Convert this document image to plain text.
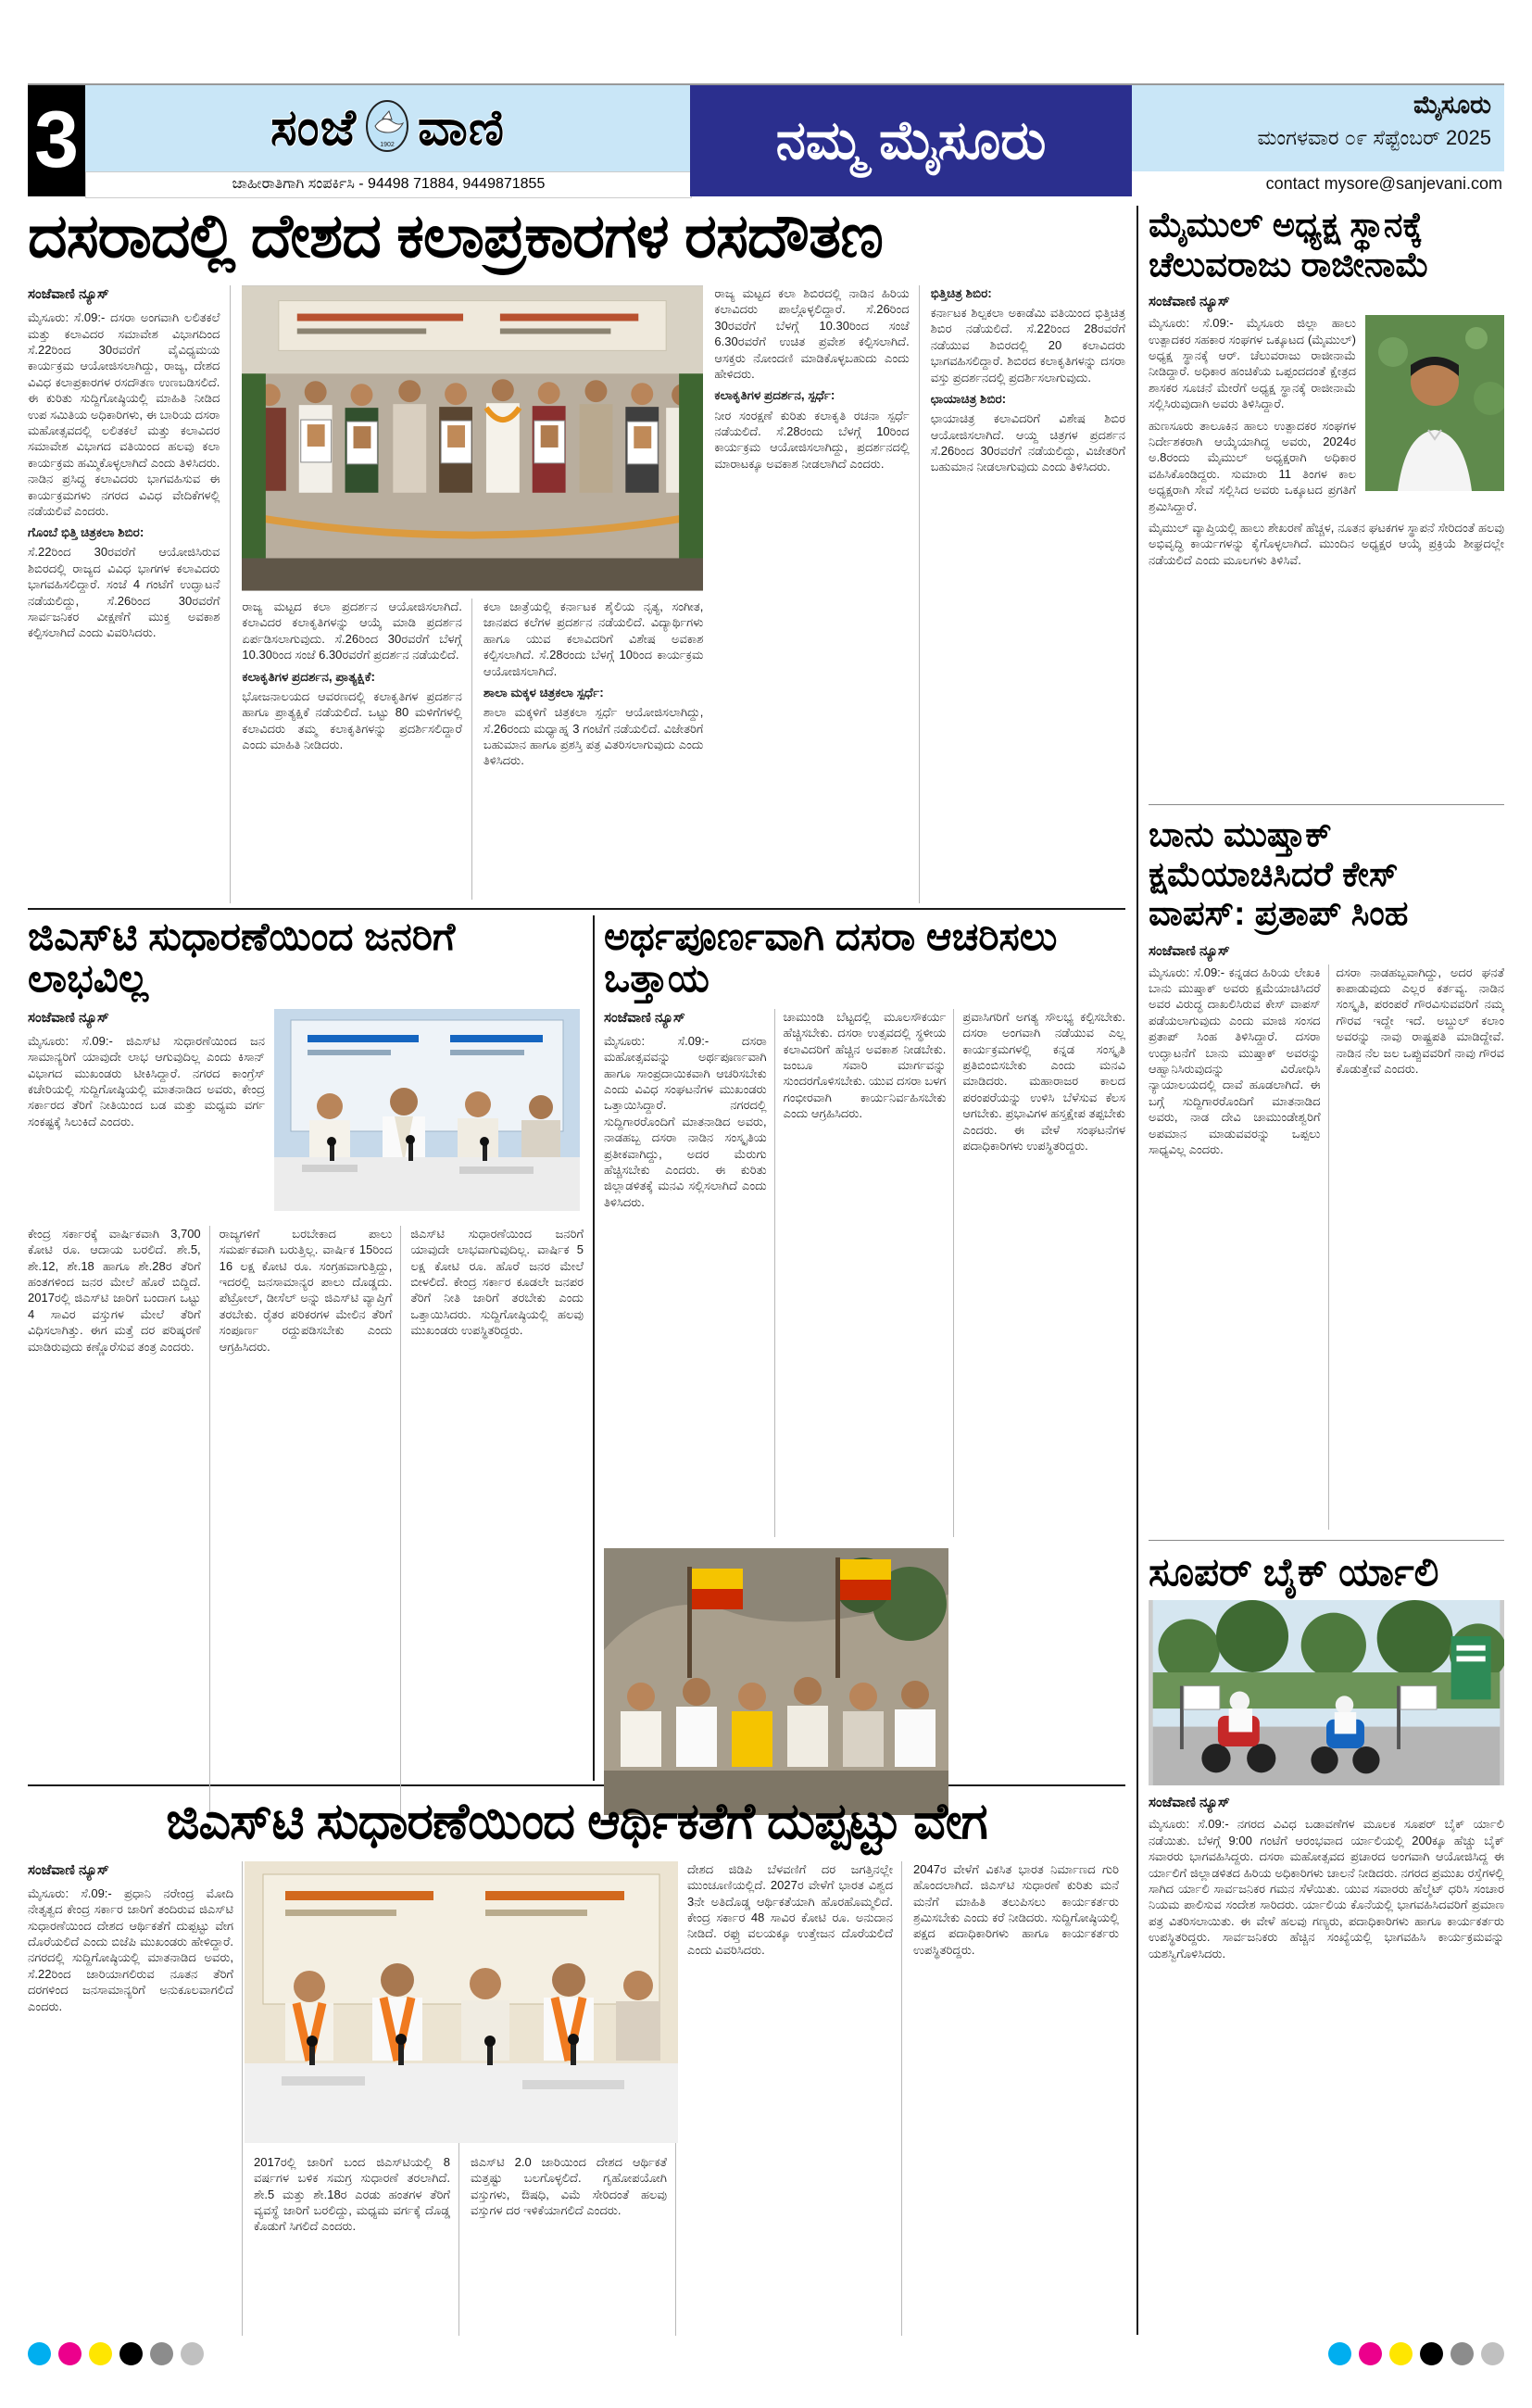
3	ಸಂಜೆ	1902 ವಾಣಿ
ಜಾಹೀರಾತಿಗಾಗಿ ಸಂಪರ್ಕಿಸಿ - 94498 71884, 9449871855
ನಮ್ಮ ಮೈಸೂರು
ಮೈಸೂರು
ಮಂಗಳವಾರ ೦೯ ಸೆಪ್ಟೆಂಬರ್ 2025
contact mysore@sanjevani.com
ದಸರಾದಲ್ಲಿ ದೇಶದ ಕಲಾಪ್ರಕಾರಗಳ ರಸದೌತಣ
ಸಂಜೆವಾಣಿ ನ್ಯೂಸ್

ಮೈಸೂರು: ಸೆ.09:- ದಸರಾ ಅಂಗವಾಗಿ ಲಲಿತಕಲೆ ಮತ್ತು ಕಲಾವಿದರ ಸಮಾವೇಶ ವಿಭಾಗದಿಂದ ಸೆ.22ರಿಂದ 30ರವರೆಗೆ ವೈವಿಧ್ಯಮಯ ಕಾರ್ಯಕ್ರಮ ಆಯೋಜಿಸಲಾಗಿದ್ದು, ರಾಜ್ಯ, ದೇಶದ ವಿವಿಧ ಕಲಾಪ್ರಕಾರಗಳ ರಸದೌತಣ ಉಣಬಡಿಸಲಿದೆ. ಈ ಕುರಿತು ಸುದ್ದಿಗೋಷ್ಠಿಯಲ್ಲಿ ಮಾಹಿತಿ ನೀಡಿದ ಉಪ ಸಮಿತಿಯ ಅಧಿಕಾರಿಗಳು, ಈ ಬಾರಿಯ ದಸರಾ ಮಹೋತ್ಸವದಲ್ಲಿ ಲಲಿತಕಲೆ ಮತ್ತು ಕಲಾವಿದರ ಸಮಾವೇಶ ವಿಭಾಗದ ವತಿಯಿಂದ ಹಲವು ಕಲಾ ಕಾರ್ಯಕ್ರಮ ಹಮ್ಮಿಕೊಳ್ಳಲಾಗಿದೆ ಎಂದು ತಿಳಿಸಿದರು. ನಾಡಿನ ಪ್ರಸಿದ್ಧ ಕಲಾವಿದರು ಭಾಗವಹಿಸುವ ಈ ಕಾರ್ಯಕ್ರಮಗಳು ನಗರದ ವಿವಿಧ ವೇದಿಕೆಗಳಲ್ಲಿ ನಡೆಯಲಿವೆ ಎಂದರು.

ಗೊಂಬೆ ಭಿತ್ತಿ ಚಿತ್ರಕಲಾ ಶಿಬಿರ:

ಸೆ.22ರಿಂದ 30ರವರೆಗೆ ಆಯೋಜಿಸಿರುವ ಶಿಬಿರದಲ್ಲಿ ರಾಜ್ಯದ ವಿವಿಧ ಭಾಗಗಳ ಕಲಾವಿದರು ಭಾಗವಹಿಸಲಿದ್ದಾರೆ. ಸಂಜೆ 4 ಗಂಟೆಗೆ ಉದ್ಘಾಟನೆ ನಡೆಯಲಿದ್ದು, ಸೆ.26ರಿಂದ 30ರವರೆಗೆ ಸಾರ್ವಜನಿಕರ ವೀಕ್ಷಣೆಗೆ ಮುಕ್ತ ಅವಕಾಶ ಕಲ್ಪಿಸಲಾಗಿದೆ ಎಂದು ವಿವರಿಸಿದರು.

ರಾಜ್ಯ ಮಟ್ಟದ ಕಲಾ ಪ್ರದರ್ಶನ ಆಯೋಜಿಸಲಾಗಿದೆ. ಕಲಾವಿದರ ಕಲಾಕೃತಿಗಳನ್ನು ಆಯ್ಕೆ ಮಾಡಿ ಪ್ರದರ್ಶನ ಏರ್ಪಡಿಸಲಾಗುವುದು. ಸೆ.26ರಿಂದ 30ರವರೆಗೆ ಬೆಳಗ್ಗೆ 10.30ರಿಂದ ಸಂಜೆ 6.30ರವರೆಗೆ ಪ್ರದರ್ಶನ ನಡೆಯಲಿದೆ.

ಕಲಾಕೃತಿಗಳ ಪ್ರದರ್ಶನ, ಪ್ರಾತ್ಯಕ್ಷಿಕೆ:

ಭೋಜನಾಲಯದ ಆವರಣದಲ್ಲಿ ಕಲಾಕೃತಿಗಳ ಪ್ರದರ್ಶನ ಹಾಗೂ ಪ್ರಾತ್ಯಕ್ಷಿಕೆ ನಡೆಯಲಿದೆ. ಒಟ್ಟು 80 ಮಳಿಗೆಗಳಲ್ಲಿ ಕಲಾವಿದರು ತಮ್ಮ ಕಲಾಕೃತಿಗಳನ್ನು ಪ್ರದರ್ಶಿಸಲಿದ್ದಾರೆ ಎಂದು ಮಾಹಿತಿ ನೀಡಿದರು.

ಕಲಾ ಜಾತ್ರೆಯಲ್ಲಿ ಕರ್ನಾಟಕ ಶೈಲಿಯ ನೃತ್ಯ, ಸಂಗೀತ, ಜಾನಪದ ಕಲೆಗಳ ಪ್ರದರ್ಶನ ನಡೆಯಲಿದೆ. ವಿದ್ಯಾರ್ಥಿಗಳು ಹಾಗೂ ಯುವ ಕಲಾವಿದರಿಗೆ ವಿಶೇಷ ಅವಕಾಶ ಕಲ್ಪಿಸಲಾಗಿದೆ. ಸೆ.28ರಂದು ಬೆಳಗ್ಗೆ 10ರಿಂದ ಕಾರ್ಯಕ್ರಮ ಆಯೋಜಿಸಲಾಗಿದೆ.

ಶಾಲಾ ಮಕ್ಕಳ ಚಿತ್ರಕಲಾ ಸ್ಪರ್ಧೆ:

ಶಾಲಾ ಮಕ್ಕಳಿಗೆ ಚಿತ್ರಕಲಾ ಸ್ಪರ್ಧೆ ಆಯೋಜಿಸಲಾಗಿದ್ದು, ಸೆ.26ರಂದು ಮಧ್ಯಾಹ್ನ 3 ಗಂಟೆಗೆ ನಡೆಯಲಿದೆ. ವಿಜೇತರಿಗೆ ಬಹುಮಾನ ಹಾಗೂ ಪ್ರಶಸ್ತಿ ಪತ್ರ ವಿತರಿಸಲಾಗುವುದು ಎಂದು ತಿಳಿಸಿದರು.

ರಾಜ್ಯ ಮಟ್ಟದ ಕಲಾ ಶಿಬಿರದಲ್ಲಿ ನಾಡಿನ ಹಿರಿಯ ಕಲಾವಿದರು ಪಾಲ್ಗೊಳ್ಳಲಿದ್ದಾರೆ. ಸೆ.26ರಿಂದ 30ರವರೆಗೆ ಬೆಳಗ್ಗೆ 10.30ರಿಂದ ಸಂಜೆ 6.30ರವರೆಗೆ ಉಚಿತ ಪ್ರವೇಶ ಕಲ್ಪಿಸಲಾಗಿದೆ. ಆಸಕ್ತರು ನೋಂದಣಿ ಮಾಡಿಕೊಳ್ಳಬಹುದು ಎಂದು ಹೇಳಿದರು.

ಕಲಾಕೃತಿಗಳ ಪ್ರದರ್ಶನ, ಸ್ಪರ್ಧೆ:

ನೀರ ಸಂರಕ್ಷಣೆ ಕುರಿತು ಕಲಾಕೃತಿ ರಚನಾ ಸ್ಪರ್ಧೆ ನಡೆಯಲಿದೆ. ಸೆ.28ರಂದು ಬೆಳಗ್ಗೆ 10ರಿಂದ ಕಾರ್ಯಕ್ರಮ ಆಯೋಜಿಸಲಾಗಿದ್ದು, ಪ್ರದರ್ಶನದಲ್ಲಿ ಮಾರಾಟಕ್ಕೂ ಅವಕಾಶ ನೀಡಲಾಗಿದೆ ಎಂದರು.

ಭಿತ್ತಿಚಿತ್ರ ಶಿಬಿರ:

ಕರ್ನಾಟಕ ಶಿಲ್ಪಕಲಾ ಅಕಾಡೆಮಿ ವತಿಯಿಂದ ಭಿತ್ತಿಚಿತ್ರ ಶಿಬಿರ ನಡೆಯಲಿದೆ. ಸೆ.22ರಿಂದ 28ರವರೆಗೆ ನಡೆಯುವ ಶಿಬಿರದಲ್ಲಿ 20 ಕಲಾವಿದರು ಭಾಗವಹಿಸಲಿದ್ದಾರೆ. ಶಿಬಿರದ ಕಲಾಕೃತಿಗಳನ್ನು ದಸರಾ ವಸ್ತು ಪ್ರದರ್ಶನದಲ್ಲಿ ಪ್ರದರ್ಶಿಸಲಾಗುವುದು.

ಛಾಯಾಚಿತ್ರ ಶಿಬಿರ:

ಛಾಯಾಚಿತ್ರ ಕಲಾವಿದರಿಗೆ ವಿಶೇಷ ಶಿಬಿರ ಆಯೋಜಿಸಲಾಗಿದೆ. ಆಯ್ದ ಚಿತ್ರಗಳ ಪ್ರದರ್ಶನ ಸೆ.26ರಿಂದ 30ರವರೆಗೆ ನಡೆಯಲಿದ್ದು, ವಿಜೇತರಿಗೆ ಬಹುಮಾನ ನೀಡಲಾಗುವುದು ಎಂದು ತಿಳಿಸಿದರು.

ಮೈಮುಲ್ ಅಧ್ಯಕ್ಷ ಸ್ಥಾನಕ್ಕೆ ಚೆಲುವರಾಜು ರಾಜೀನಾಮೆ
ಸಂಜೆವಾಣಿ ನ್ಯೂಸ್

ಮೈಸೂರು: ಸೆ.09:- ಮೈಸೂರು ಜಿಲ್ಲಾ ಹಾಲು ಉತ್ಪಾದಕರ ಸಹಕಾರ ಸಂಘಗಳ ಒಕ್ಕೂಟದ (ಮೈಮುಲ್) ಅಧ್ಯಕ್ಷ ಸ್ಥಾನಕ್ಕೆ ಆರ್. ಚೆಲುವರಾಜು ರಾಜೀನಾಮೆ ನೀಡಿದ್ದಾರೆ. ಅಧಿಕಾರ ಹಂಚಿಕೆಯ ಒಪ್ಪಂದದಂತೆ ಕ್ಷೇತ್ರದ ಶಾಸಕರ ಸೂಚನೆ ಮೇರೆಗೆ ಅಧ್ಯಕ್ಷ ಸ್ಥಾನಕ್ಕೆ ರಾಜೀನಾಮೆ ಸಲ್ಲಿಸಿರುವುದಾಗಿ ಅವರು ತಿಳಿಸಿದ್ದಾರೆ.

ಹುಣಸೂರು ತಾಲೂಕಿನ ಹಾಲು ಉತ್ಪಾದಕರ ಸಂಘಗಳ ನಿರ್ದೇಶಕರಾಗಿ ಆಯ್ಕೆಯಾಗಿದ್ದ ಅವರು, 2024ರ ಅ.8ರಂದು ಮೈಮುಲ್ ಅಧ್ಯಕ್ಷರಾಗಿ ಅಧಿಕಾರ ವಹಿಸಿಕೊಂಡಿದ್ದರು. ಸುಮಾರು 11 ತಿಂಗಳ ಕಾಲ ಅಧ್ಯಕ್ಷರಾಗಿ ಸೇವೆ ಸಲ್ಲಿಸಿದ ಅವರು ಒಕ್ಕೂಟದ ಪ್ರಗತಿಗೆ ಶ್ರಮಿಸಿದ್ದಾರೆ.

ಮೈಮುಲ್ ವ್ಯಾಪ್ತಿಯಲ್ಲಿ ಹಾಲು ಶೇಖರಣೆ ಹೆಚ್ಚಳ, ನೂತನ ಘಟಕಗಳ ಸ್ಥಾಪನೆ ಸೇರಿದಂತೆ ಹಲವು ಅಭಿವೃದ್ಧಿ ಕಾರ್ಯಗಳನ್ನು ಕೈಗೊಳ್ಳಲಾಗಿದೆ. ಮುಂದಿನ ಅಧ್ಯಕ್ಷರ ಆಯ್ಕೆ ಪ್ರಕ್ರಿಯೆ ಶೀಘ್ರದಲ್ಲೇ ನಡೆಯಲಿದೆ ಎಂದು ಮೂಲಗಳು ತಿಳಿಸಿವೆ.

ಬಾನು ಮುಷ್ತಾಕ್ ಕ್ಷಮೆಯಾಚಿಸಿದರೆ ಕೇಸ್ ವಾಪಸ್: ಪ್ರತಾಪ್ ಸಿಂಹ
ಸಂಜೆವಾಣಿ ನ್ಯೂಸ್
ಮೈಸೂರು: ಸೆ.09:- ಕನ್ನಡದ ಹಿರಿಯ ಲೇಖಕಿ ಬಾನು ಮುಷ್ತಾಕ್ ಅವರು ಕ್ಷಮೆಯಾಚಿಸಿದರೆ ಅವರ ವಿರುದ್ಧ ದಾಖಲಿಸಿರುವ ಕೇಸ್ ವಾಪಸ್ ಪಡೆಯಲಾಗುವುದು ಎಂದು ಮಾಜಿ ಸಂಸದ ಪ್ರತಾಪ್ ಸಿಂಹ ತಿಳಿಸಿದ್ದಾರೆ. ದಸರಾ ಉದ್ಘಾಟನೆಗೆ ಬಾನು ಮುಷ್ತಾಕ್ ಅವರನ್ನು ಆಹ್ವಾನಿಸಿರುವುದನ್ನು ವಿರೋಧಿಸಿ ನ್ಯಾಯಾಲಯದಲ್ಲಿ ದಾವೆ ಹೂಡಲಾಗಿದೆ. ಈ ಬಗ್ಗೆ ಸುದ್ದಿಗಾರರೊಂದಿಗೆ ಮಾತನಾಡಿದ ಅವರು, ನಾಡ ದೇವಿ ಚಾಮುಂಡೇಶ್ವರಿಗೆ ಅಪಮಾನ ಮಾಡುವವರನ್ನು ಒಪ್ಪಲು ಸಾಧ್ಯವಿಲ್ಲ ಎಂದರು.
ದಸರಾ ನಾಡಹಬ್ಬವಾಗಿದ್ದು, ಅದರ ಘನತೆ ಕಾಪಾಡುವುದು ಎಲ್ಲರ ಕರ್ತವ್ಯ. ನಾಡಿನ ಸಂಸ್ಕೃತಿ, ಪರಂಪರೆ ಗೌರವಿಸುವವರಿಗೆ ನಮ್ಮ ಗೌರವ ಇದ್ದೇ ಇದೆ. ಅಬ್ದುಲ್ ಕಲಾಂ ಅವರನ್ನು ನಾವು ರಾಷ್ಟ್ರಪತಿ ಮಾಡಿದ್ದೇವೆ. ನಾಡಿನ ನೆಲ ಜಲ ಒಪ್ಪುವವರಿಗೆ ನಾವು ಗೌರವ ಕೊಡುತ್ತೇವೆ ಎಂದರು.
ಸೂಪರ್ ಬೈಕ್ ರ್ಯಾಲಿ
ಸಂಜೆವಾಣಿ ನ್ಯೂಸ್
ಮೈಸೂರು: ಸೆ.09:- ನಗರದ ವಿವಿಧ ಬಡಾವಣೆಗಳ ಮೂಲಕ ಸೂಪರ್ ಬೈಕ್ ರ್ಯಾಲಿ ನಡೆಯಿತು. ಬೆಳಗ್ಗೆ 9:00 ಗಂಟೆಗೆ ಆರಂಭವಾದ ರ್ಯಾಲಿಯಲ್ಲಿ 200ಕ್ಕೂ ಹೆಚ್ಚು ಬೈಕ್ ಸವಾರರು ಭಾಗವಹಿಸಿದ್ದರು. ದಸರಾ ಮಹೋತ್ಸವದ ಪ್ರಚಾರದ ಅಂಗವಾಗಿ ಆಯೋಜಿಸಿದ್ದ ಈ ರ್ಯಾಲಿಗೆ ಜಿಲ್ಲಾಡಳಿತದ ಹಿರಿಯ ಅಧಿಕಾರಿಗಳು ಚಾಲನೆ ನೀಡಿದರು. ನಗರದ ಪ್ರಮುಖ ರಸ್ತೆಗಳಲ್ಲಿ ಸಾಗಿದ ರ್ಯಾಲಿ ಸಾರ್ವಜನಿಕರ ಗಮನ ಸೆಳೆಯಿತು. ಯುವ ಸವಾರರು ಹೆಲ್ಮೆಟ್ ಧರಿಸಿ ಸಂಚಾರ ನಿಯಮ ಪಾಲಿಸುವ ಸಂದೇಶ ಸಾರಿದರು. ರ್ಯಾಲಿಯ ಕೊನೆಯಲ್ಲಿ ಭಾಗವಹಿಸಿದವರಿಗೆ ಪ್ರಮಾಣ ಪತ್ರ ವಿತರಿಸಲಾಯಿತು. ಈ ವೇಳೆ ಹಲವು ಗಣ್ಯರು, ಪದಾಧಿಕಾರಿಗಳು ಹಾಗೂ ಕಾರ್ಯಕರ್ತರು ಉಪಸ್ಥಿತರಿದ್ದರು. ಸಾರ್ವಜನಿಕರು ಹೆಚ್ಚಿನ ಸಂಖ್ಯೆಯಲ್ಲಿ ಭಾಗವಹಿಸಿ ಕಾರ್ಯಕ್ರಮವನ್ನು ಯಶಸ್ವಿಗೊಳಿಸಿದರು.
ಜಿಎಸ್‌ಟಿ ಸುಧಾರಣೆಯಿಂದ ಜನರಿಗೆ ಲಾಭವಿಲ್ಲ
ಸಂಜೆವಾಣಿ ನ್ಯೂಸ್

ಮೈಸೂರು: ಸೆ.09:- ಜಿಎಸ್‌ಟಿ ಸುಧಾರಣೆಯಿಂದ ಜನ ಸಾಮಾನ್ಯರಿಗೆ ಯಾವುದೇ ಲಾಭ ಆಗುವುದಿಲ್ಲ ಎಂದು ಕಿಸಾನ್ ವಿಭಾಗದ ಮುಖಂಡರು ಟೀಕಿಸಿದ್ದಾರೆ. ನಗರದ ಕಾಂಗ್ರೆಸ್ ಕಚೇರಿಯಲ್ಲಿ ಸುದ್ದಿಗೋಷ್ಠಿಯಲ್ಲಿ ಮಾತನಾಡಿದ ಅವರು, ಕೇಂದ್ರ ಸರ್ಕಾರದ ತೆರಿಗೆ ನೀತಿಯಿಂದ ಬಡ ಮತ್ತು ಮಧ್ಯಮ ವರ್ಗ ಸಂಕಷ್ಟಕ್ಕೆ ಸಿಲುಕಿದೆ ಎಂದರು.

ಕೇಂದ್ರ ಸರ್ಕಾರಕ್ಕೆ ವಾರ್ಷಿಕವಾಗಿ 3,700 ಕೋಟಿ ರೂ. ಆದಾಯ ಬರಲಿದೆ. ಶೇ.5, ಶೇ.12, ಶೇ.18 ಹಾಗೂ ಶೇ.28ರ ತೆರಿಗೆ ಹಂತಗಳಿಂದ ಜನರ ಮೇಲೆ ಹೊರೆ ಬಿದ್ದಿದೆ. 2017ರಲ್ಲಿ ಜಿಎಸ್‌ಟಿ ಜಾರಿಗೆ ಬಂದಾಗ ಒಟ್ಟು 4 ಸಾವಿರ ವಸ್ತುಗಳ ಮೇಲೆ ತೆರಿಗೆ ವಿಧಿಸಲಾಗಿತ್ತು. ಈಗ ಮತ್ತೆ ದರ ಪರಿಷ್ಕರಣೆ ಮಾಡಿರುವುದು ಕಣ್ಣೊರೆಸುವ ತಂತ್ರ ಎಂದರು.
ರಾಜ್ಯಗಳಿಗೆ ಬರಬೇಕಾದ ಪಾಲು ಸಮರ್ಪಕವಾಗಿ ಬರುತ್ತಿಲ್ಲ. ವಾರ್ಷಿಕ 15ರಿಂದ 16 ಲಕ್ಷ ಕೋಟಿ ರೂ. ಸಂಗ್ರಹವಾಗುತ್ತಿದ್ದು, ಇದರಲ್ಲಿ ಜನಸಾಮಾನ್ಯರ ಪಾಲು ದೊಡ್ಡದು. ಪೆಟ್ರೋಲ್, ಡೀಸೆಲ್ ಅನ್ನು ಜಿಎಸ್‌ಟಿ ವ್ಯಾಪ್ತಿಗೆ ತರಬೇಕು. ರೈತರ ಪರಿಕರಗಳ ಮೇಲಿನ ತೆರಿಗೆ ಸಂಪೂರ್ಣ ರದ್ದುಪಡಿಸಬೇಕು ಎಂದು ಆಗ್ರಹಿಸಿದರು.
ಜಿಎಸ್‌ಟಿ ಸುಧಾರಣೆಯಿಂದ ಜನರಿಗೆ ಯಾವುದೇ ಲಾಭವಾಗುವುದಿಲ್ಲ. ವಾರ್ಷಿಕ 5 ಲಕ್ಷ ಕೋಟಿ ರೂ. ಹೊರೆ ಜನರ ಮೇಲೆ ಬೀಳಲಿದೆ. ಕೇಂದ್ರ ಸರ್ಕಾರ ಕೂಡಲೇ ಜನಪರ ತೆರಿಗೆ ನೀತಿ ಜಾರಿಗೆ ತರಬೇಕು ಎಂದು ಒತ್ತಾಯಿಸಿದರು. ಸುದ್ದಿಗೋಷ್ಠಿಯಲ್ಲಿ ಹಲವು ಮುಖಂಡರು ಉಪಸ್ಥಿತರಿದ್ದರು.
ಅರ್ಥಪೂರ್ಣವಾಗಿ ದಸರಾ ಆಚರಿಸಲು ಒತ್ತಾಯ
ಸಂಜೆವಾಣಿ ನ್ಯೂಸ್

ಮೈಸೂರು: ಸೆ.09:- ದಸರಾ ಮಹೋತ್ಸವವನ್ನು ಅರ್ಥಪೂರ್ಣವಾಗಿ ಹಾಗೂ ಸಾಂಪ್ರದಾಯಿಕವಾಗಿ ಆಚರಿಸಬೇಕು ಎಂದು ವಿವಿಧ ಸಂಘಟನೆಗಳ ಮುಖಂಡರು ಒತ್ತಾಯಿಸಿದ್ದಾರೆ. ನಗರದಲ್ಲಿ ಸುದ್ದಿಗಾರರೊಂದಿಗೆ ಮಾತನಾಡಿದ ಅವರು, ನಾಡಹಬ್ಬ ದಸರಾ ನಾಡಿನ ಸಂಸ್ಕೃತಿಯ ಪ್ರತೀಕವಾಗಿದ್ದು, ಅದರ ಮೆರುಗು ಹೆಚ್ಚಿಸಬೇಕು ಎಂದರು. ಈ ಕುರಿತು ಜಿಲ್ಲಾಡಳಿತಕ್ಕೆ ಮನವಿ ಸಲ್ಲಿಸಲಾಗಿದೆ ಎಂದು ತಿಳಿಸಿದರು.

ಚಾಮುಂಡಿ ಬೆಟ್ಟದಲ್ಲಿ ಮೂಲಸೌಕರ್ಯ ಹೆಚ್ಚಿಸಬೇಕು. ದಸರಾ ಉತ್ಸವದಲ್ಲಿ ಸ್ಥಳೀಯ ಕಲಾವಿದರಿಗೆ ಹೆಚ್ಚಿನ ಅವಕಾಶ ನೀಡಬೇಕು. ಜಂಬೂ ಸವಾರಿ ಮಾರ್ಗವನ್ನು ಸುಂದರಗೊಳಿಸಬೇಕು. ಯುವ ದಸರಾ ಬಳಗ ಗಂಭೀರವಾಗಿ ಕಾರ್ಯನಿರ್ವಹಿಸಬೇಕು ಎಂದು ಆಗ್ರಹಿಸಿದರು.
ಪ್ರವಾಸಿಗರಿಗೆ ಅಗತ್ಯ ಸೌಲಭ್ಯ ಕಲ್ಪಿಸಬೇಕು. ದಸರಾ ಅಂಗವಾಗಿ ನಡೆಯುವ ಎಲ್ಲ ಕಾರ್ಯಕ್ರಮಗಳಲ್ಲಿ ಕನ್ನಡ ಸಂಸ್ಕೃತಿ ಪ್ರತಿಬಿಂಬಿಸಬೇಕು ಎಂದು ಮನವಿ ಮಾಡಿದರು. ಮಹಾರಾಜರ ಕಾಲದ ಪರಂಪರೆಯನ್ನು ಉಳಿಸಿ ಬೆಳೆಸುವ ಕೆಲಸ ಆಗಬೇಕು. ಪ್ರಭಾವಿಗಳ ಹಸ್ತಕ್ಷೇಪ ತಪ್ಪಬೇಕು ಎಂದರು. ಈ ವೇಳೆ ಸಂಘಟನೆಗಳ ಪದಾಧಿಕಾರಿಗಳು ಉಪಸ್ಥಿತರಿದ್ದರು.
ಜಿಎಸ್‌ಟಿ ಸುಧಾರಣೆಯಿಂದ ಆರ್ಥಿಕತೆಗೆ ದುಪ್ಪಟ್ಟು ವೇಗ
ಸಂಜೆವಾಣಿ ನ್ಯೂಸ್

ಮೈಸೂರು: ಸೆ.09:- ಪ್ರಧಾನಿ ನರೇಂದ್ರ ಮೋದಿ ನೇತೃತ್ವದ ಕೇಂದ್ರ ಸರ್ಕಾರ ಜಾರಿಗೆ ತಂದಿರುವ ಜಿಎಸ್‌ಟಿ ಸುಧಾರಣೆಯಿಂದ ದೇಶದ ಆರ್ಥಿಕತೆಗೆ ದುಪ್ಪಟ್ಟು ವೇಗ ದೊರೆಯಲಿದೆ ಎಂದು ಬಿಜೆಪಿ ಮುಖಂಡರು ಹೇಳಿದ್ದಾರೆ. ನಗರದಲ್ಲಿ ಸುದ್ದಿಗೋಷ್ಠಿಯಲ್ಲಿ ಮಾತನಾಡಿದ ಅವರು, ಸೆ.22ರಿಂದ ಜಾರಿಯಾಗಲಿರುವ ನೂತನ ತೆರಿಗೆ ದರಗಳಿಂದ ಜನಸಾಮಾನ್ಯರಿಗೆ ಅನುಕೂಲವಾಗಲಿದೆ ಎಂದರು.

2017ರಲ್ಲಿ ಜಾರಿಗೆ ಬಂದ ಜಿಎಸ್‌ಟಿಯಲ್ಲಿ 8 ವರ್ಷಗಳ ಬಳಿಕ ಸಮಗ್ರ ಸುಧಾರಣೆ ತರಲಾಗಿದೆ. ಶೇ.5 ಮತ್ತು ಶೇ.18ರ ಎರಡು ಹಂತಗಳ ತೆರಿಗೆ ವ್ಯವಸ್ಥೆ ಜಾರಿಗೆ ಬರಲಿದ್ದು, ಮಧ್ಯಮ ವರ್ಗಕ್ಕೆ ದೊಡ್ಡ ಕೊಡುಗೆ ಸಿಗಲಿದೆ ಎಂದರು.
ಜಿಎಸ್‌ಟಿ 2.0 ಜಾರಿಯಿಂದ ದೇಶದ ಆರ್ಥಿಕತೆ ಮತ್ತಷ್ಟು ಬಲಗೊಳ್ಳಲಿದೆ. ಗೃಹೋಪಯೋಗಿ ವಸ್ತುಗಳು, ಔಷಧಿ, ವಿಮೆ ಸೇರಿದಂತೆ ಹಲವು ವಸ್ತುಗಳ ದರ ಇಳಿಕೆಯಾಗಲಿದೆ ಎಂದರು.
ದೇಶದ ಜಿಡಿಪಿ ಬೆಳವಣಿಗೆ ದರ ಜಗತ್ತಿನಲ್ಲೇ ಮುಂಚೂಣಿಯಲ್ಲಿದೆ. 2027ರ ವೇಳೆಗೆ ಭಾರತ ವಿಶ್ವದ 3ನೇ ಅತಿದೊಡ್ಡ ಆರ್ಥಿಕತೆಯಾಗಿ ಹೊರಹೊಮ್ಮಲಿದೆ. ಕೇಂದ್ರ ಸರ್ಕಾರ 48 ಸಾವಿರ ಕೋಟಿ ರೂ. ಅನುದಾನ ನೀಡಿದೆ. ರಫ್ತು ವಲಯಕ್ಕೂ ಉತ್ತೇಜನ ದೊರೆಯಲಿದೆ ಎಂದು ವಿವರಿಸಿದರು.
2047ರ ವೇಳೆಗೆ ವಿಕಸಿತ ಭಾರತ ನಿರ್ಮಾಣದ ಗುರಿ ಹೊಂದಲಾಗಿದೆ. ಜಿಎಸ್‌ಟಿ ಸುಧಾರಣೆ ಕುರಿತು ಮನೆ ಮನೆಗೆ ಮಾಹಿತಿ ತಲುಪಿಸಲು ಕಾರ್ಯಕರ್ತರು ಶ್ರಮಿಸಬೇಕು ಎಂದು ಕರೆ ನೀಡಿದರು. ಸುದ್ದಿಗೋಷ್ಠಿಯಲ್ಲಿ ಪಕ್ಷದ ಪದಾಧಿಕಾರಿಗಳು ಹಾಗೂ ಕಾರ್ಯಕರ್ತರು ಉಪಸ್ಥಿತರಿದ್ದರು.
